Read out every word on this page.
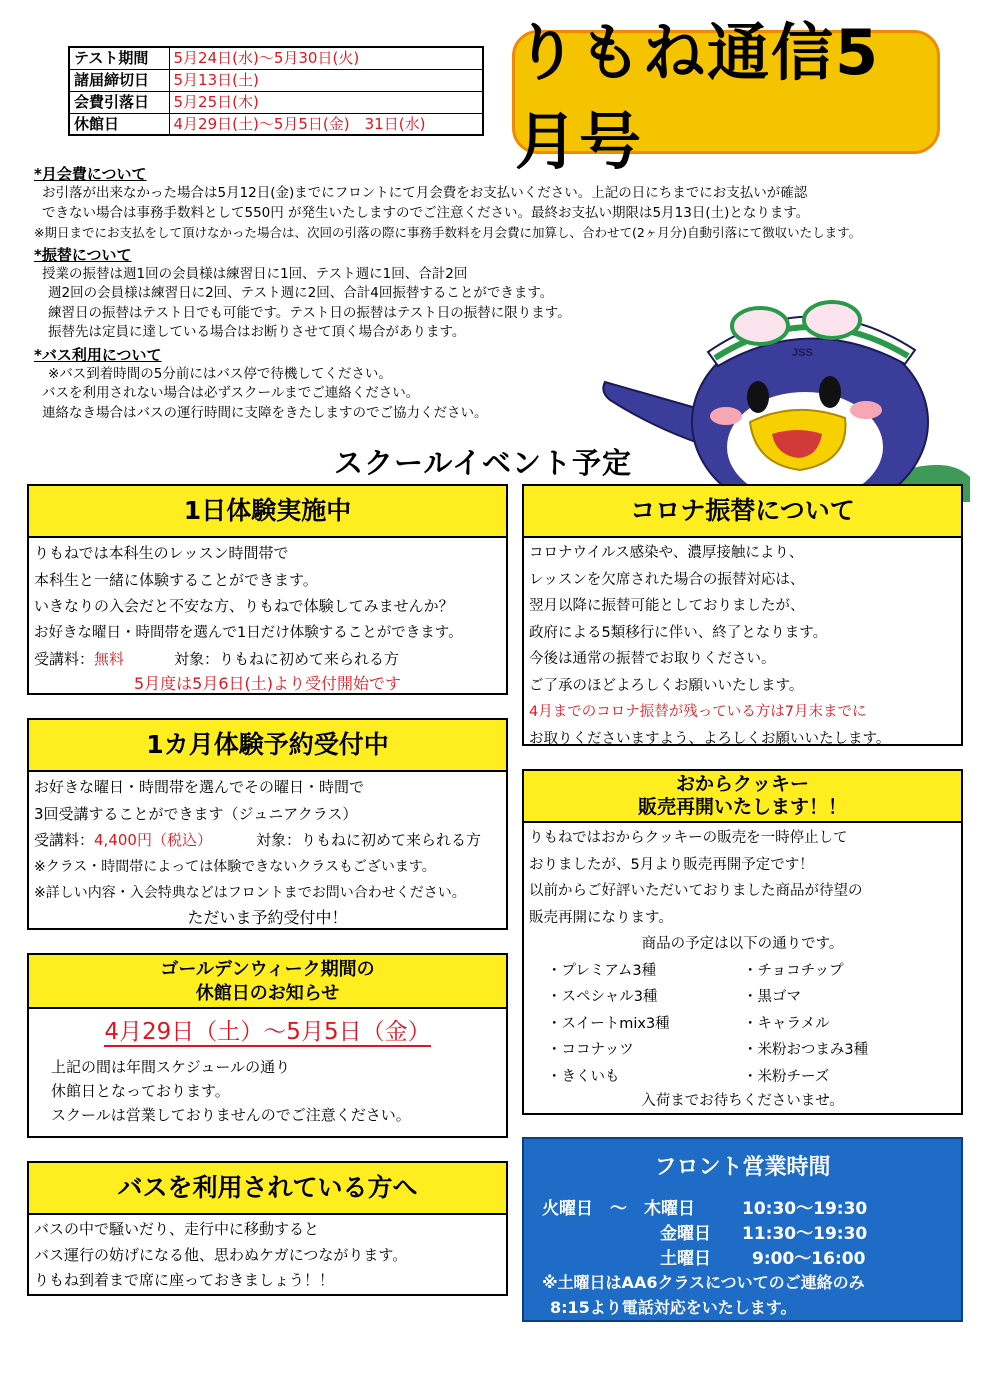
テスト期間	5月24日(水)～5月30日(火)
諸届締切日	5月13日(土)
会費引落日	5月25日(木)
休館日	4月29日(土)～5月5日(金)　31日(水)
りもね通信5月号
*月会費について
お引落が出来なかった場合は5月12日(金)までにフロントにて月会費をお支払いください。上記の日にちまでにお支払いが確認
できない場合は事務手数料として550円 が発生いたしますのでご注意ください。最終お支払い期限は5月13日(土)となります。
※期日までにお支払をして頂けなかった場合は、次回の引落の際に事務手数料を月会費に加算し、合わせて(2ヶ月分)自動引落にて徴収いたします。
*振替について
授業の振替は週1回の会員様は練習日に1回、テスト週に1回、合計2回
週2回の会員様は練習日に2回、テスト週に2回、合計4回振替することができます。
練習日の振替はテスト日でも可能です。テスト日の振替はテスト日の振替に限ります。
振替先は定員に達している場合はお断りさせて頂く場合があります。
*バス利用について
※バス到着時間の5分前にはバス停で待機してください。
バスを利用されない場合は必ずスクールまでご連絡ください。
連絡なき場合はバスの運行時間に支障をきたしますのでご協力ください。
JSS
スクールイベント予定
1日体験実施中
りもねでは本科生のレッスン時間帯で
本科生と一緒に体験することができます。
いきなりの入会だと不安な方、りもねで体験してみませんか？
お好きな曜日・時間帯を選んで1日だけ体験することができます。
受講料：無料	対象：りもねに初めて来られる方
5月度は5月6日(土)より受付開始です
1カ月体験予約受付中
お好きな曜日・時間帯を選んでその曜日・時間で
3回受講することができます（ジュニアクラス）
受講料：4,400円（税込）	対象：りもねに初めて来られる方
※クラス・時間帯によっては体験できないクラスもございます。
※詳しい内容・入会特典などはフロントまでお問い合わせください。
ただいま予約受付中！
ゴールデンウィーク期間の
休館日のお知らせ
4月29日（土）～5月5日（金）
上記の間は年間スケジュールの通り
休館日となっております。
スクールは営業しておりませんのでご注意ください。
バスを利用されている方へ
バスの中で騒いだり、走行中に移動すると
バス運行の妨げになる他、思わぬケガにつながります。
りもね到着まで席に座っておきましょう！！
コロナ振替について
コロナウイルス感染や、濃厚接触により、
レッスンを欠席された場合の振替対応は、
翌月以降に振替可能としておりましたが、
政府による5類移行に伴い、終了となります。
今後は通常の振替でお取りください。
ご了承のほどよろしくお願いいたします。
4月までのコロナ振替が残っている方は7月末までに
お取りくださいますよう、よろしくお願いいたします。
おからクッキー
販売再開いたします！！
りもねではおからクッキーの販売を一時停止して
おりましたが、5月より販売再開予定です！
以前からご好評いただいておりました商品が待望の
販売再開になります。
商品の予定は以下の通りです。
・プレミアム3種
・スペシャル3種
・スイートmix3種
・ココナッツ
・きくいも
・チョコチップ
・黒ゴマ
・キャラメル
・米粉おつまみ3種
・米粉チーズ
入荷までお待ちくださいませ。
フロント営業時間
火曜日　～　木曜日	10:30～19:30
金曜日 11:30～19:30
土曜日 9:00～16:00
※土曜日はAA6クラスについてのご連絡のみ
8:15より電話対応をいたします。
